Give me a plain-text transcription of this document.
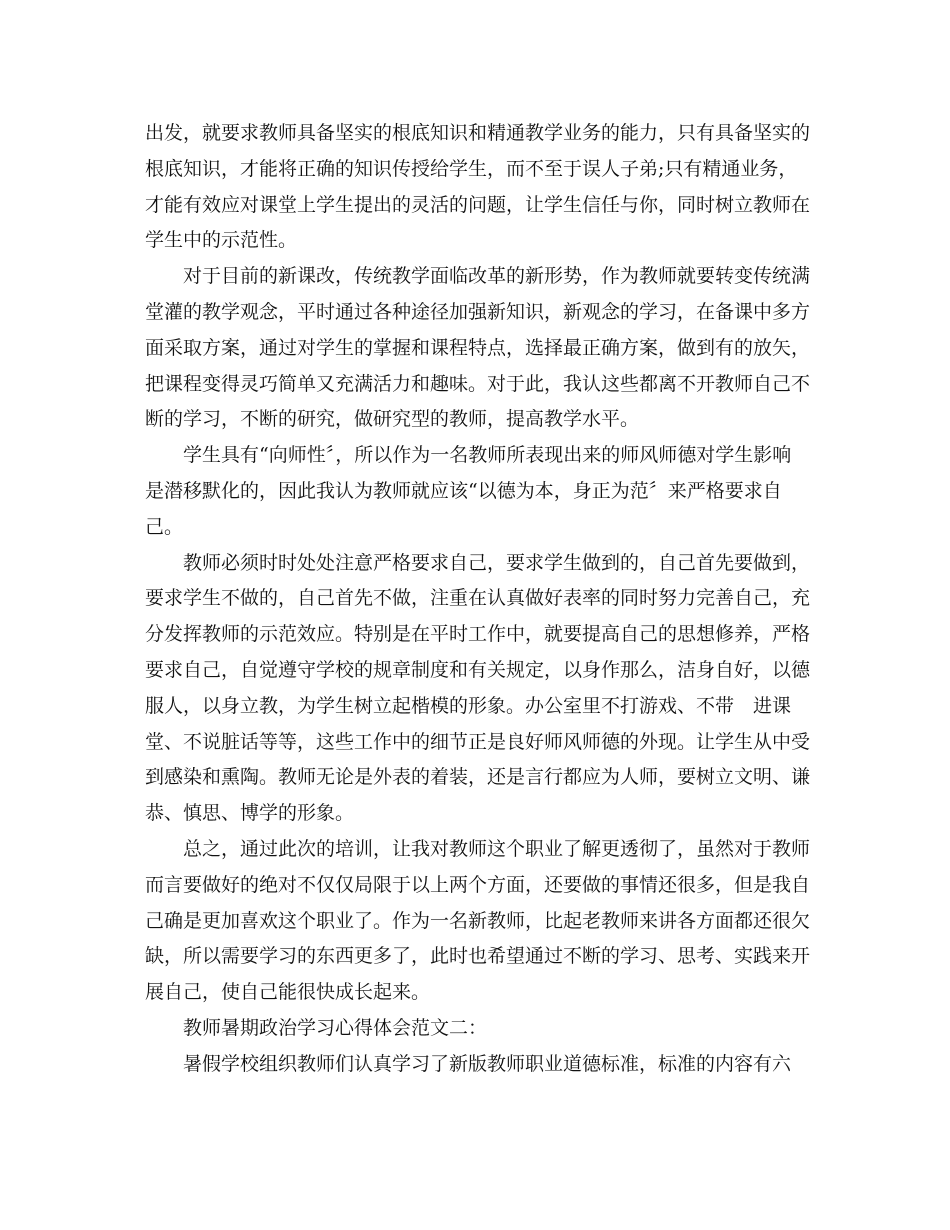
出发，就要求教师具备坚实的根底知识和精通教学业务的能力，只有具备坚实的
根底知识，才能将正确的知识传授给学生，而不至于误人子弟;只有精通业务，
才能有效应对课堂上学生提出的灵活的问题，让学生信任与你，同时树立教师在
学生中的示范性。
　　对于目前的新课改，传统教学面临改革的新形势，作为教师就要转变传统满
堂灌的教学观念，平时通过各种途径加强新知识，新观念的学习，在备课中多方
面采取方案，通过对学生的掌握和课程特点，选择最正确方案，做到有的放矢，
把课程变得灵巧简单又充满活力和趣味。对于此，我认这些都离不开教师自己不
断的学习，不断的研究，做研究型的教师，提高教学水平。
　　学生具有“向师性〞，所以作为一名教师所表现出来的师风师德对学生影响
是潜移默化的，因此我认为教师就应该“以德为本，身正为范〞来严格要求自
己。
　　教师必须时时处处注意严格要求自己，要求学生做到的，自己首先要做到，
要求学生不做的，自己首先不做，注重在认真做好表率的同时努力完善自己，充
分发挥教师的示范效应。特别是在平时工作中，就要提高自己的思想修养，严格
要求自己，自觉遵守学校的规章制度和有关规定，以身作那么，洁身自好，以德
服人，以身立教，为学生树立起楷模的形象。办公室里不打游戏、不带　进课
堂、不说脏话等等，这些工作中的细节正是良好师风师德的外现。让学生从中受
到感染和熏陶。教师无论是外表的着装，还是言行都应为人师，要树立文明、谦
恭、慎思、博学的形象。
　　总之，通过此次的培训，让我对教师这个职业了解更透彻了，虽然对于教师
而言要做好的绝对不仅仅局限于以上两个方面，还要做的事情还很多，但是我自
己确是更加喜欢这个职业了。作为一名新教师，比起老教师来讲各方面都还很欠
缺，所以需要学习的东西更多了，此时也希望通过不断的学习、思考、实践来开
展自己，使自己能很快成长起来。
　　教师暑期政治学习心得体会范文二：
　　暑假学校组织教师们认真学习了新版教师职业道德标准，标准的内容有六
